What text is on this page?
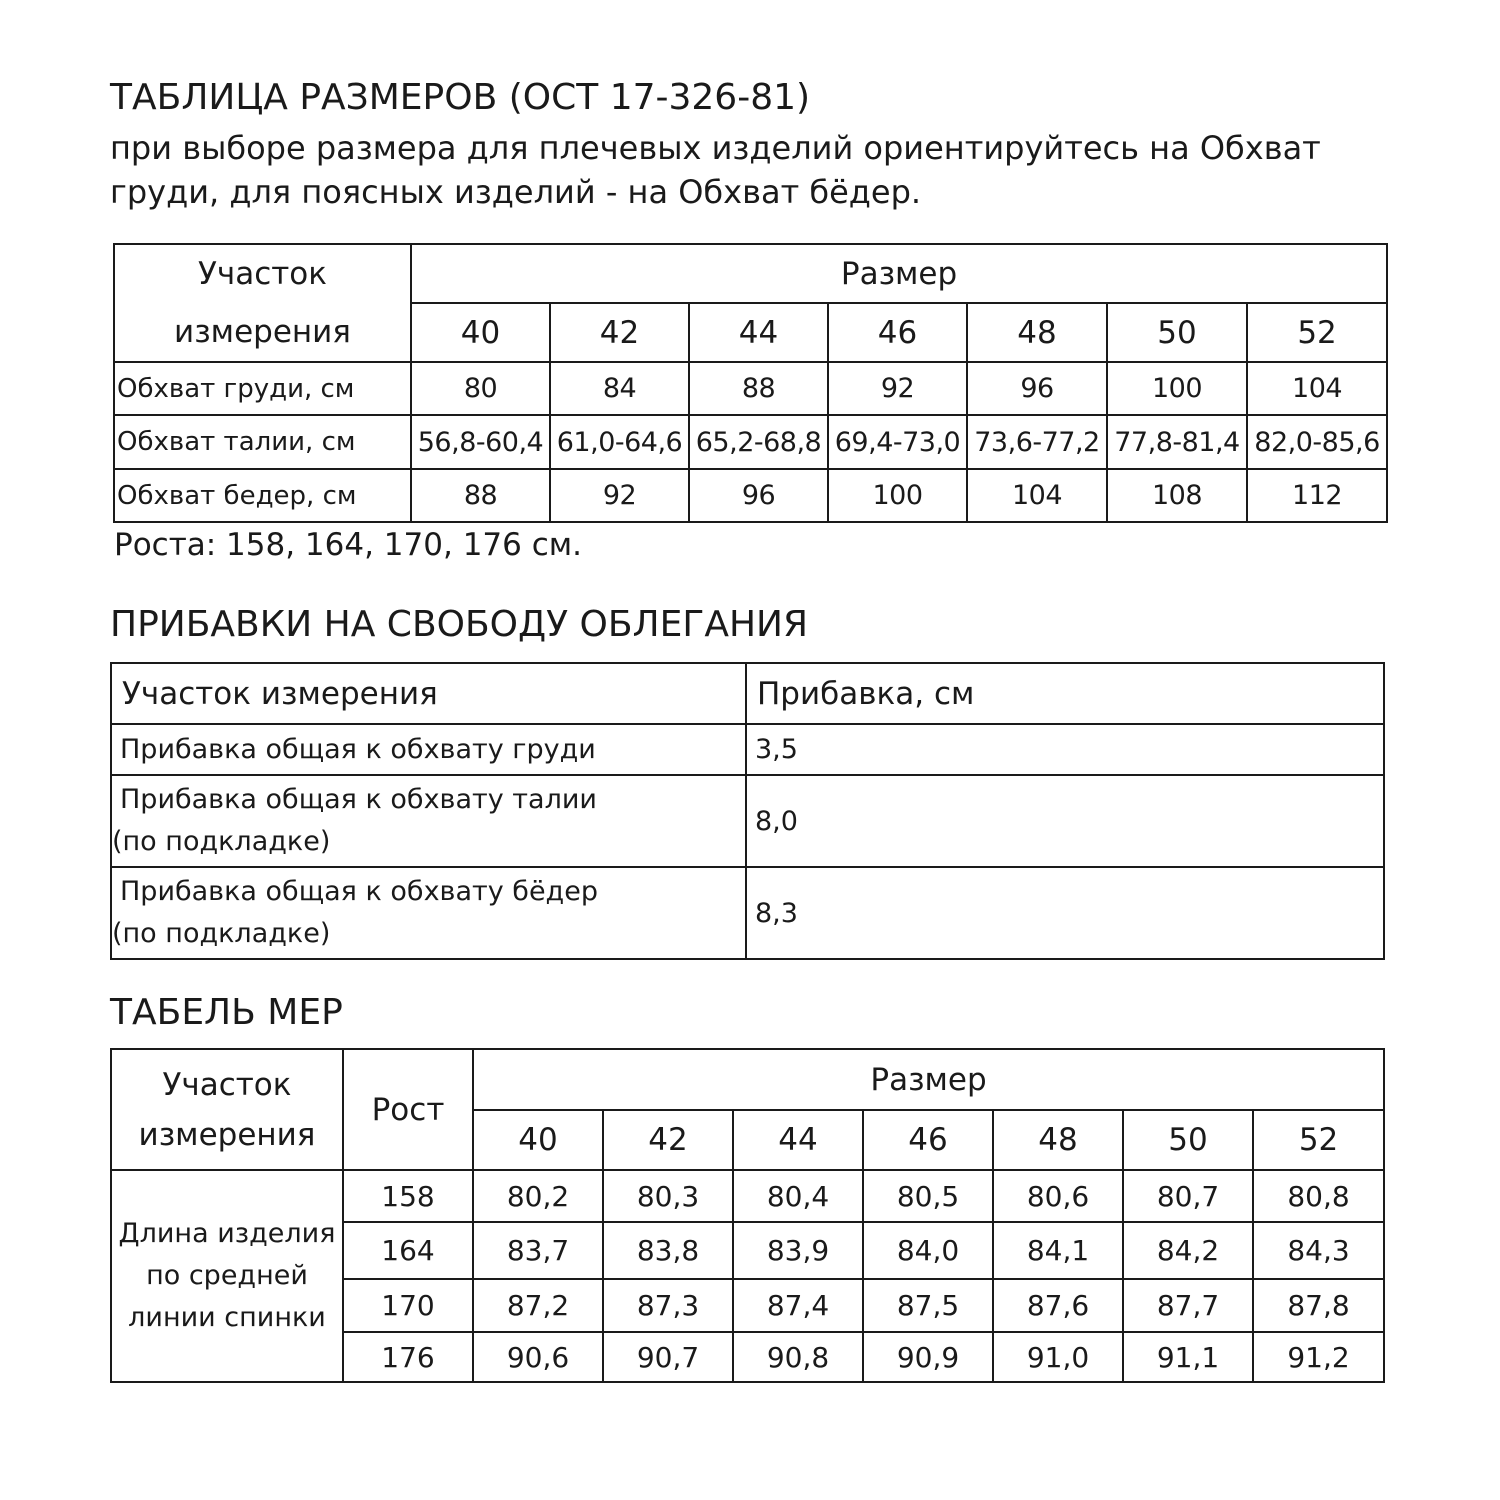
ТАБЛИЦА РАЗМЕРОВ (ОСТ 17-326-81)
при выборе размера для плечевых изделий ориентируйтесь на Обхват
груди, для поясных изделий - на Обхват бёдер.
Участок
измерения	Размер						
	40	42	44	46	48	50	52
Обхват груди, см	80	84	88	92	96	100	104
Обхват талии, см	56,8-60,4	61,0-64,6	65,2-68,8	69,4-73,0	73,6-77,2	77,8-81,4	82,0-85,6
Обхват бедер, см	88	92	96	100	104	108	112
Роста: 158, 164, 170, 176 см.
ПРИБАВКИ НА СВОБОДУ ОБЛЕГАНИЯ
Участок измерения	Прибавка, см

Прибавка общая к обхвату груди	3,5

Прибавка общая к обхвату талии
(по подкладке)	8,0

Прибавка общая к обхвату бёдер
(по подкладке)	8,3
ТАБЕЛЬ МЕР
Участок
измерения	Рост	Размер						
		40	42	44	46	48	50	52

Длина изделия
по средней
линии спинки	158	80,2	80,3	80,4	80,5	80,6	80,7	80,8
	164	83,7	83,8	83,9	84,0	84,1	84,2	84,3
	170	87,2	87,3	87,4	87,5	87,6	87,7	87,8
	176	90,6	90,7	90,8	90,9	91,0	91,1	91,2
